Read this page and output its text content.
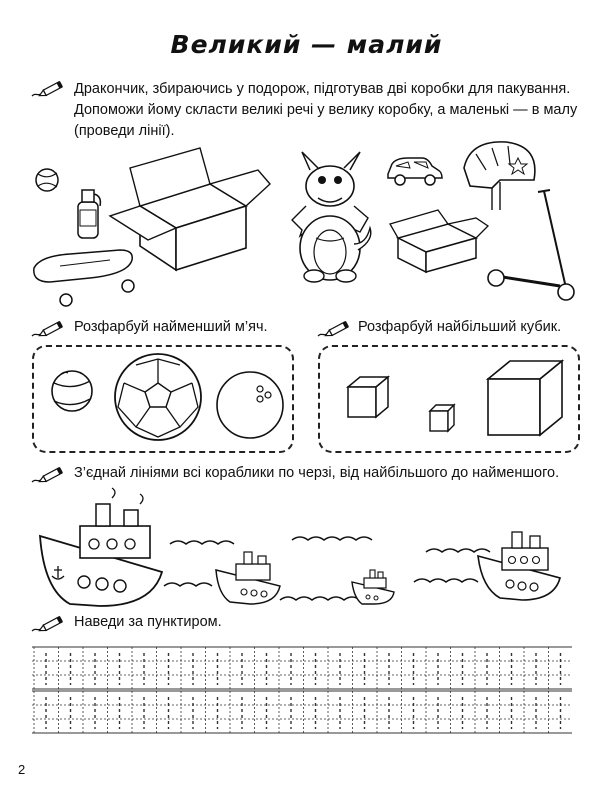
Великий — малий
Дракончик, збираючись у подорож, підготував дві коробки для пакування.
Допоможи йому скласти великі речі у велику коробку, а маленькі — в малу
(проведи лінії).
Розфарбуй найменший м’яч.	Розфарбуй найбільший кубик.
З’єднай лініями всі кораблики по черзі, від найбільшого до найменшого.
Наведи за пунктиром.
2
